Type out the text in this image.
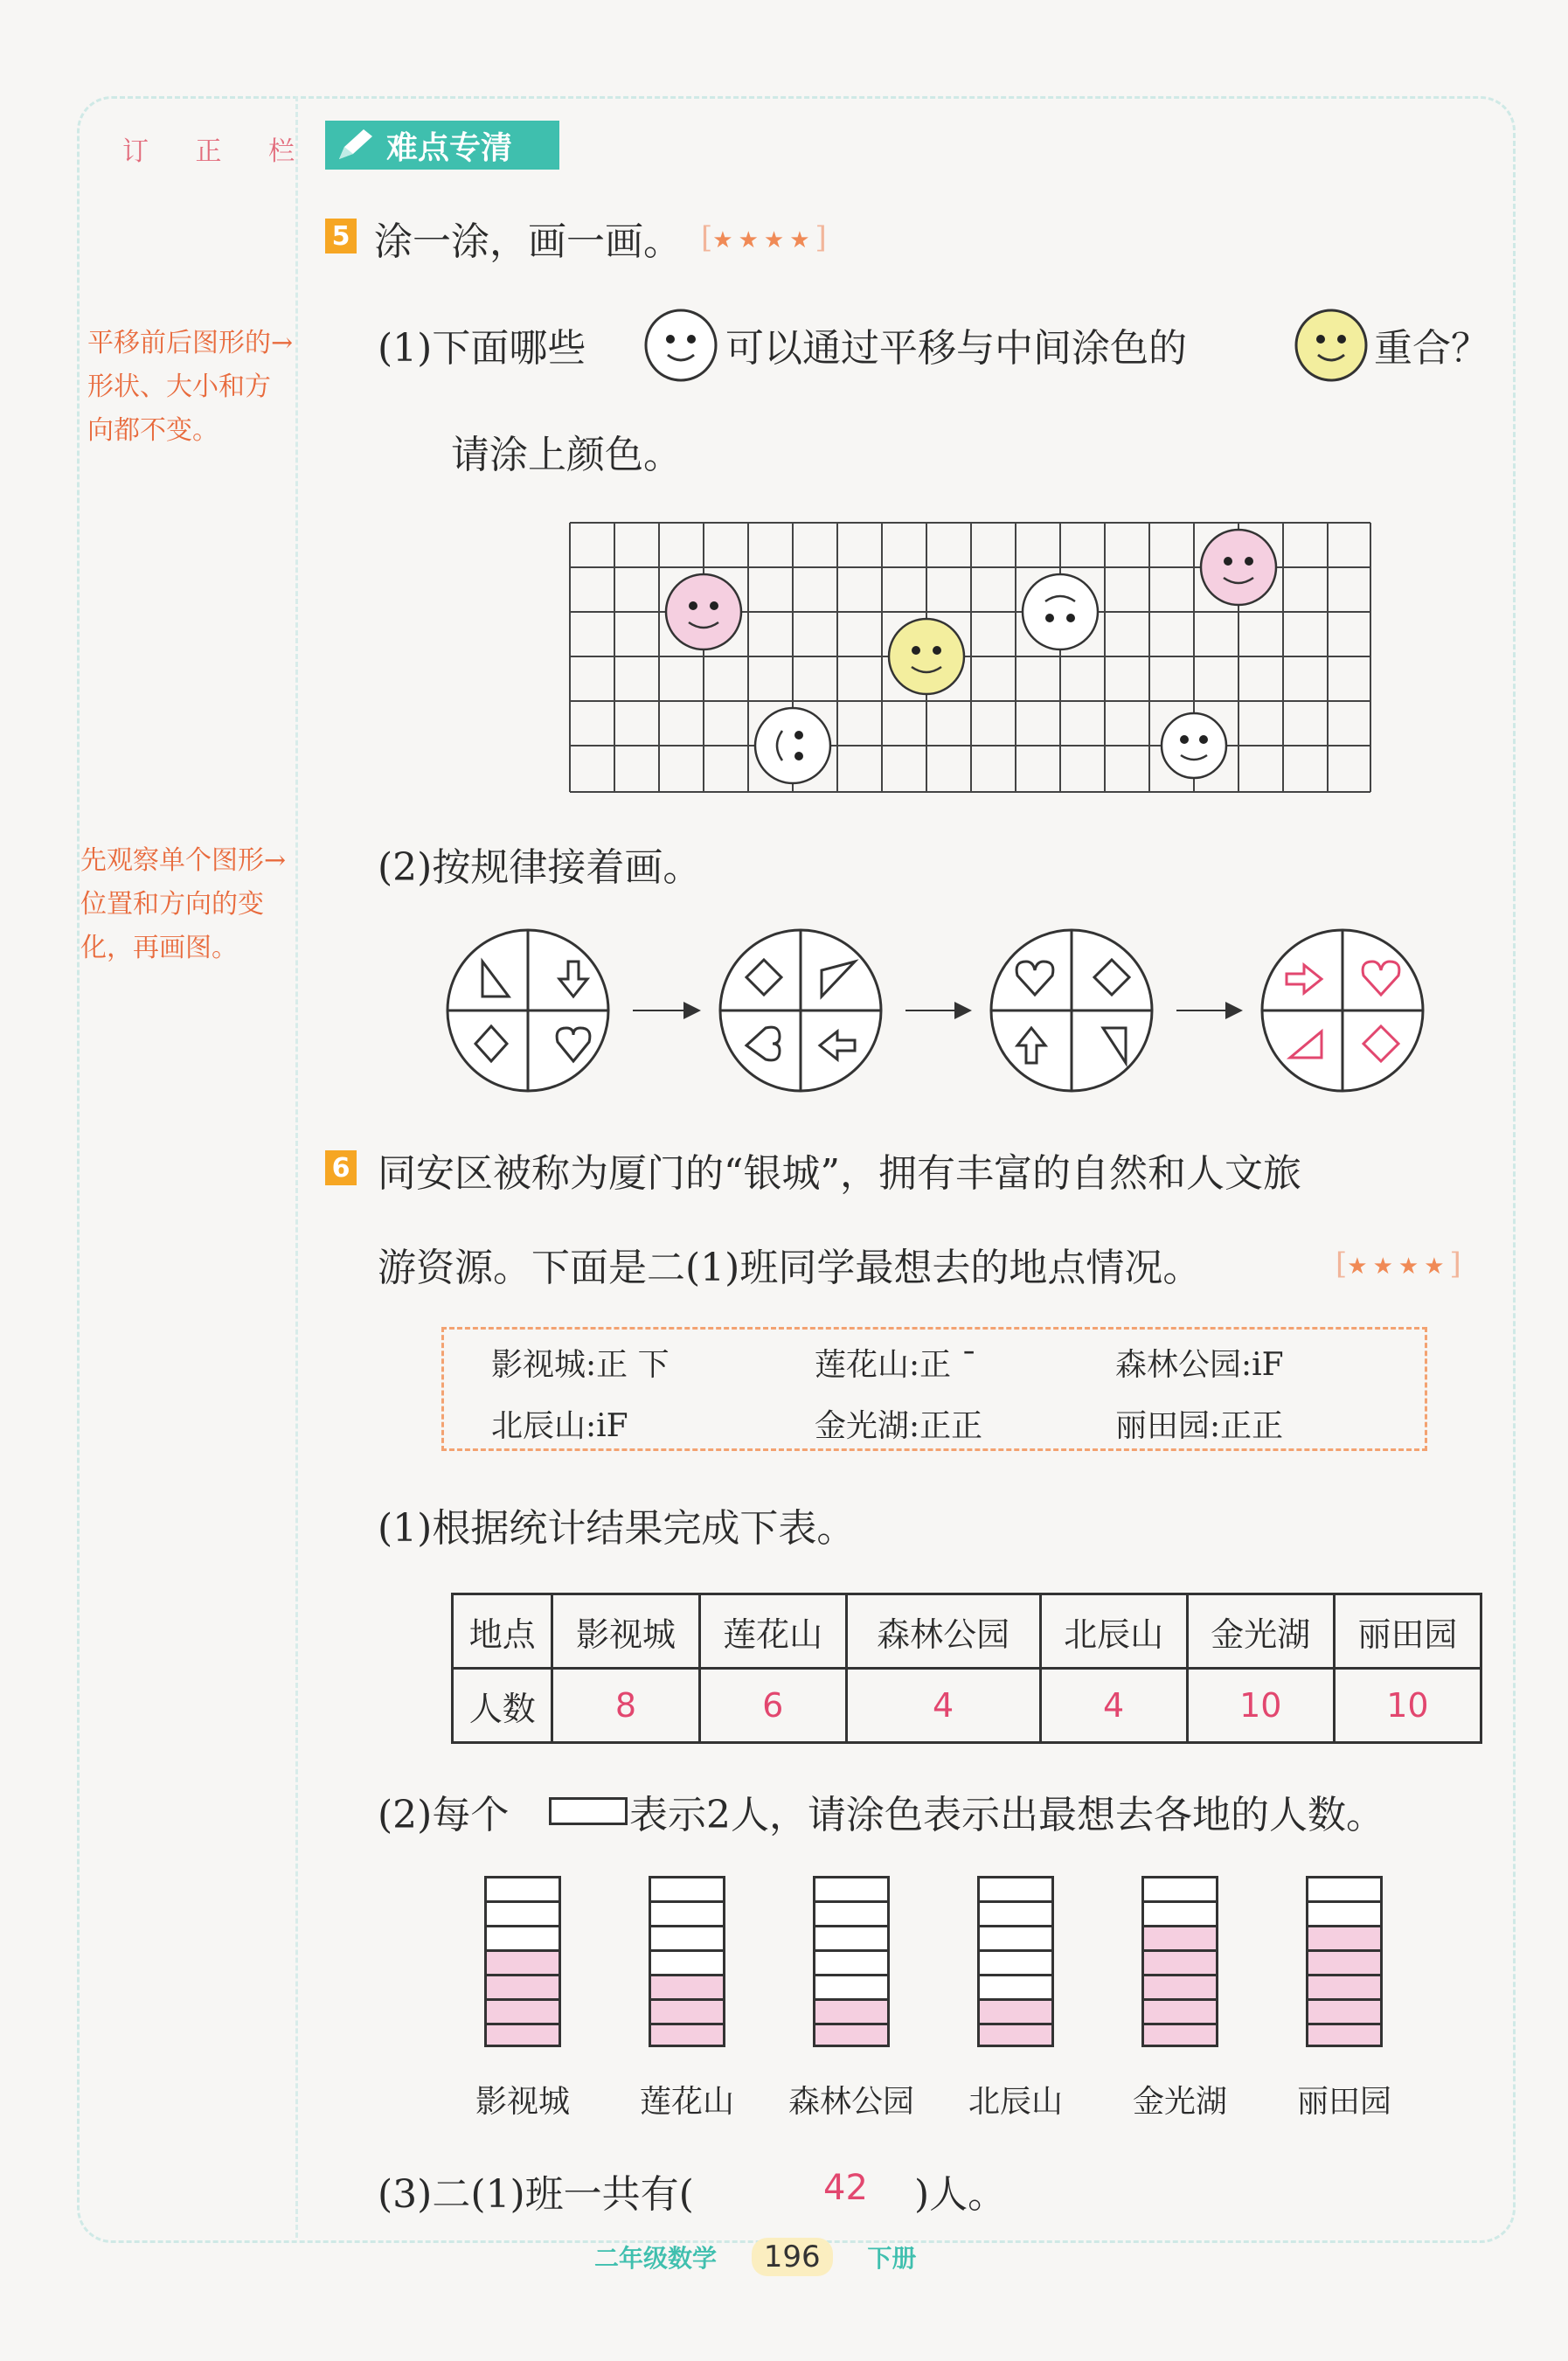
订 正 栏 难点专清
5 涂一涂，画一画。 [★★★★]
平移前后图形的→
形状、大小和方
向都不变。
(1)下面哪些	可以通过平移与中间涂色的	重合？
请涂上颜色。
先观察单个图形→
位置和方向的变
化，再画图。
(2)按规律接着画。
6 同安区被称为厦门的“银城”，拥有丰富的自然和人文旅
游资源。下面是二(1)班同学最想去的地点情况。	[★★★★]
影视城:正 下	莲花山:正 ¯	森林公园:iF
北辰山:iF	金光湖:正正	丽田园:正正
(1)根据统计结果完成下表。
地点	影视城	莲花山	森林公园	北辰山	金光湖	丽田园
人数	8	6	4	4	10	10
(2)每个	表示2人，请涂色表示出最想去各地的人数。
影视城	莲花山	森林公园	北辰山	金光湖	丽田园
(3)二(1)班一共有(	42 )人。
二年级数学 196 下册
